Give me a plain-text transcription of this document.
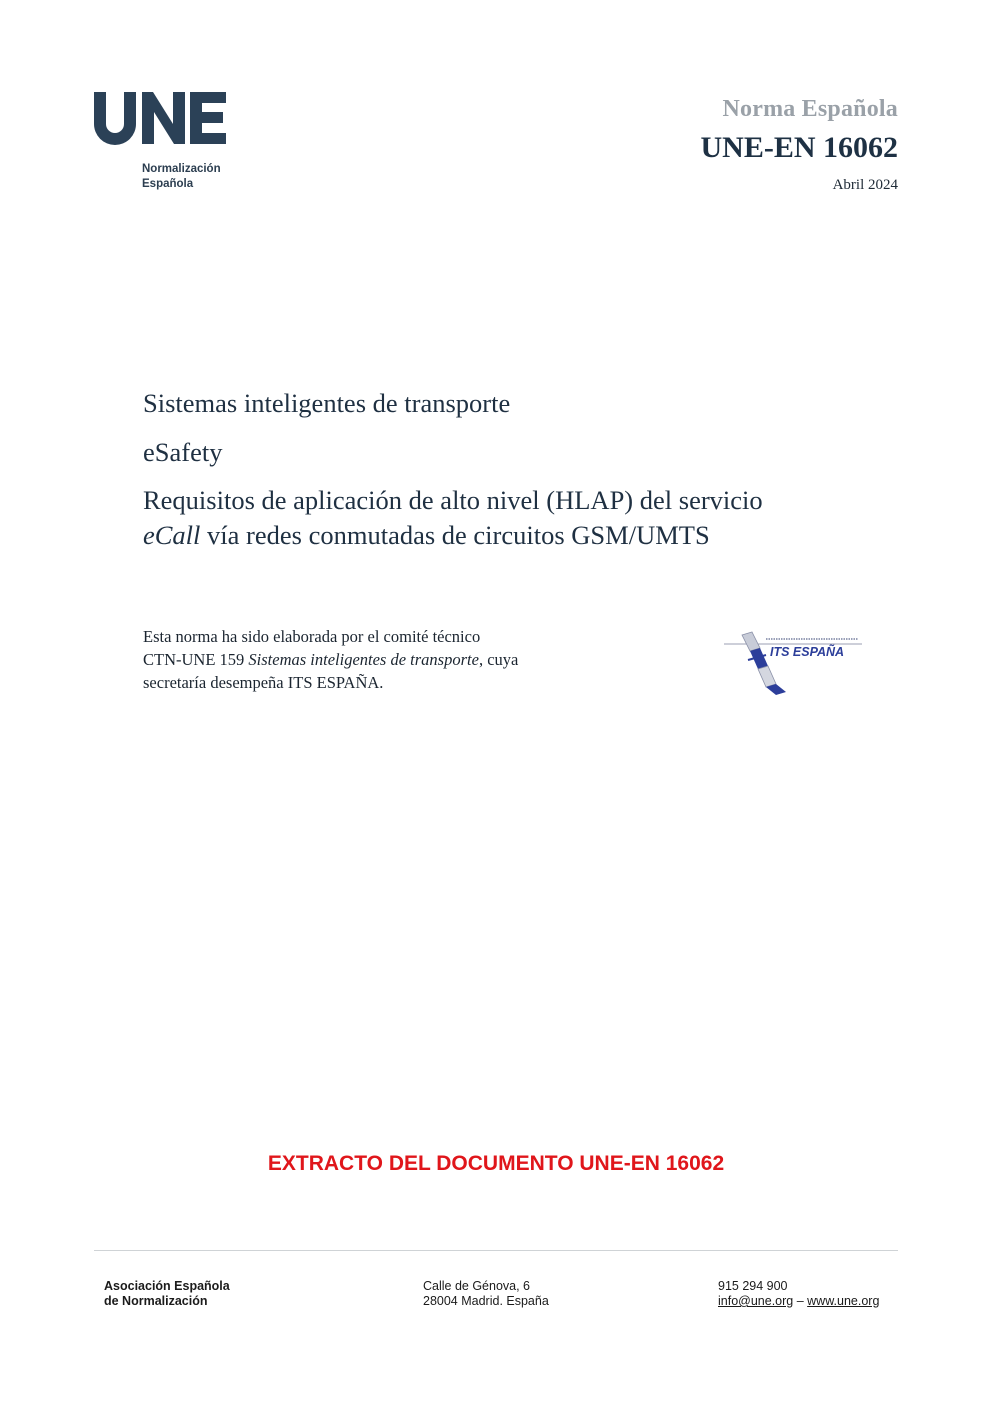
Normalización
Española
Norma Española
UNE-EN 16062
Abril 2024
Sistemas inteligentes de transporte
eSafety
Requisitos de aplicación de alto nivel (HLAP) del servicio
eCall vía redes conmutadas de circuitos GSM/UMTS
Esta norma ha sido elaborada por el comité técnico
CTN-UNE 159 Sistemas inteligentes de transporte, cuya
secretaría desempeña ITS ESPAÑA.
ITS ESPAÑA
EXTRACTO DEL DOCUMENTO UNE-EN 16062
Asociación Española
de Normalización
Calle de Génova, 6
28004 Madrid. España
915 294 900
info@une.org – www.une.org
